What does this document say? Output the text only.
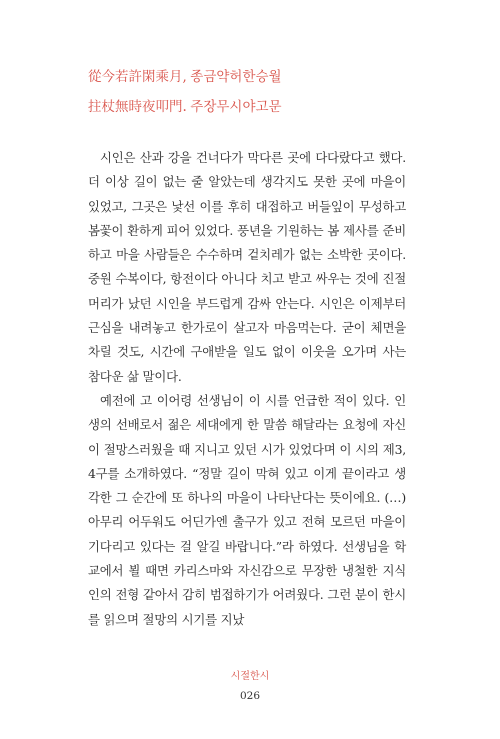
從今若許閑乘月, 종금약허한승월
拄杖無時夜叩門. 주장무시야고문

시인은 산과 강을 건너다가 막다른 곳에 다다랐다고 했다. 더 이상 길이 없는 줄 알았는데 생각지도 못한 곳에 마을이 있었고, 그곳은 낯선 이를 후히 대접하고 버들잎이 무성하고 봄꽃이 환하게 피어 있었다. 풍년을 기원하는 봄 제사를 준비하고 마을 사람들은 수수하며 겉치레가 없는 소박한 곳이다. 중원 수복이다, 항전이다 아니다 치고 받고 싸우는 것에 진절머리가 났던 시인을 부드럽게 감싸 안는다. 시인은 이제부터 근심을 내려놓고 한가로이 살고자 마음먹는다. 굳이 체면을 차릴 것도, 시간에 구애받을 일도 없이 이웃을 오가며 사는 참다운 삶 말이다.

예전에 고 이어령 선생님이 이 시를 언급한 적이 있다. 인생의 선배로서 젊은 세대에게 한 말씀 해달라는 요청에 자신이 절망스러웠을 때 지니고 있던 시가 있었다며 이 시의 제3, 4구를 소개하였다. “정말 길이 막혀 있고 이게 끝이라고 생각한 그 순간에 또 하나의 마을이 나타난다는 뜻이에요. (…) 아무리 어두워도 어딘가엔 출구가 있고 전혀 모르던 마을이 기다리고 있다는 걸 알길 바랍니다.”라 하였다. 선생님을 학교에서 뵐 때면 카리스마와 자신감으로 무장한 냉철한 지식인의 전형 같아서 감히 범접하기가 어려웠다. 그런 분이 한시를 읽으며 절망의 시기를 지났

시절한시
026
